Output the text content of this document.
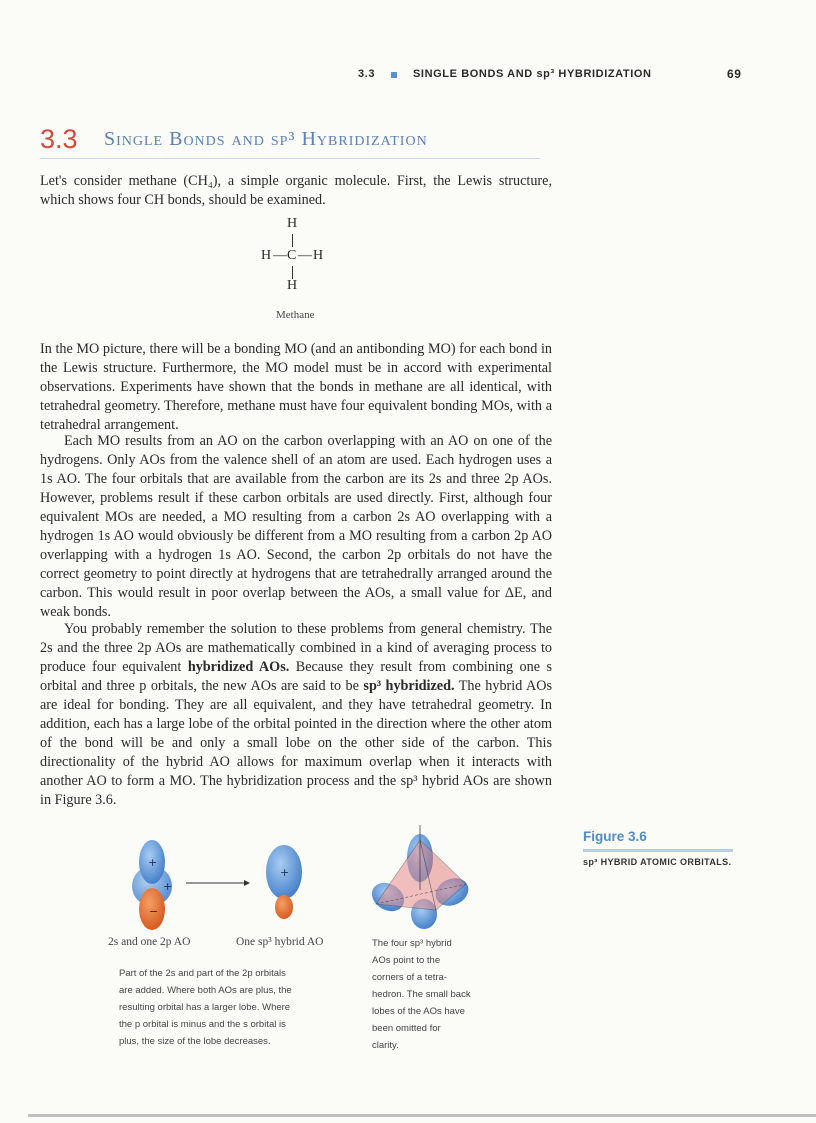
3.3	SINGLE BONDS AND sp³ HYBRIDIZATION	69
3.3 Single Bonds and sp³ Hybridization

Let's consider methane (CH₄), a simple organic molecule. First, the Lewis structure, which shows four CH bonds, should be examined.

H
H — C — H
H
Methane

In the MO picture, there will be a bonding MO (and an antibonding MO) for each bond in the Lewis structure. Furthermore, the MO model must be in accord with experimental observations. Experiments have shown that the bonds in methane are all identical, with tetrahedral geometry. Therefore, methane must have four equivalent bonding MOs, with a tetrahedral arrangement.

Each MO results from an AO on the carbon overlapping with an AO on one of the hydrogens. Only AOs from the valence shell of an atom are used. Each hydrogen uses a 1s AO. The four orbitals that are available from the carbon are its 2s and three 2p AOs. However, problems result if these carbon orbitals are used directly. First, although four equivalent MOs are needed, a MO resulting from a carbon 2s AO overlapping with a hydrogen 1s AO would obviously be different from a MO resulting from a carbon 2p AO overlapping with a hydrogen 1s AO. Second, the carbon 2p orbitals do not have the correct geometry to point directly at hydrogens that are tetrahedrally arranged around the carbon. This would result in poor overlap between the AOs, a small value for ΔE, and weak bonds.

You probably remember the solution to these problems from general chemistry. The 2s and the three 2p AOs are mathematically combined in a kind of averaging process to produce four equivalent hybridized AOs. Because they result from combining one s orbital and three p orbitals, the new AOs are said to be sp³ hybridized. The hybrid AOs are ideal for bonding. They are all equivalent, and they have tetrahedral geometry. In addition, each has a large lobe of the orbital pointed in the direction where the other atom of the bond will be and only a small lobe on the other side of the carbon. This directionality of the hybrid AO allows for maximum overlap when it interacts with another AO to form a MO. The hybridization process and the sp³ hybrid AOs are shown in Figure 3.6.

+
+
−
+
2s and one 2p AO	One sp³ hybrid AO
Part of the 2s and part of the 2p orbitals
are added. Where both AOs are plus, the
resulting orbital has a larger lobe. Where
the p orbital is minus and the s orbital is
plus, the size of the lobe decreases.
The four sp³ hybrid
AOs point to the
corners of a tetra-
hedron. The small back
lobes of the AOs have
been omitted for
clarity.
Figure 3.6
sp³ HYBRID ATOMIC ORBITALS.
